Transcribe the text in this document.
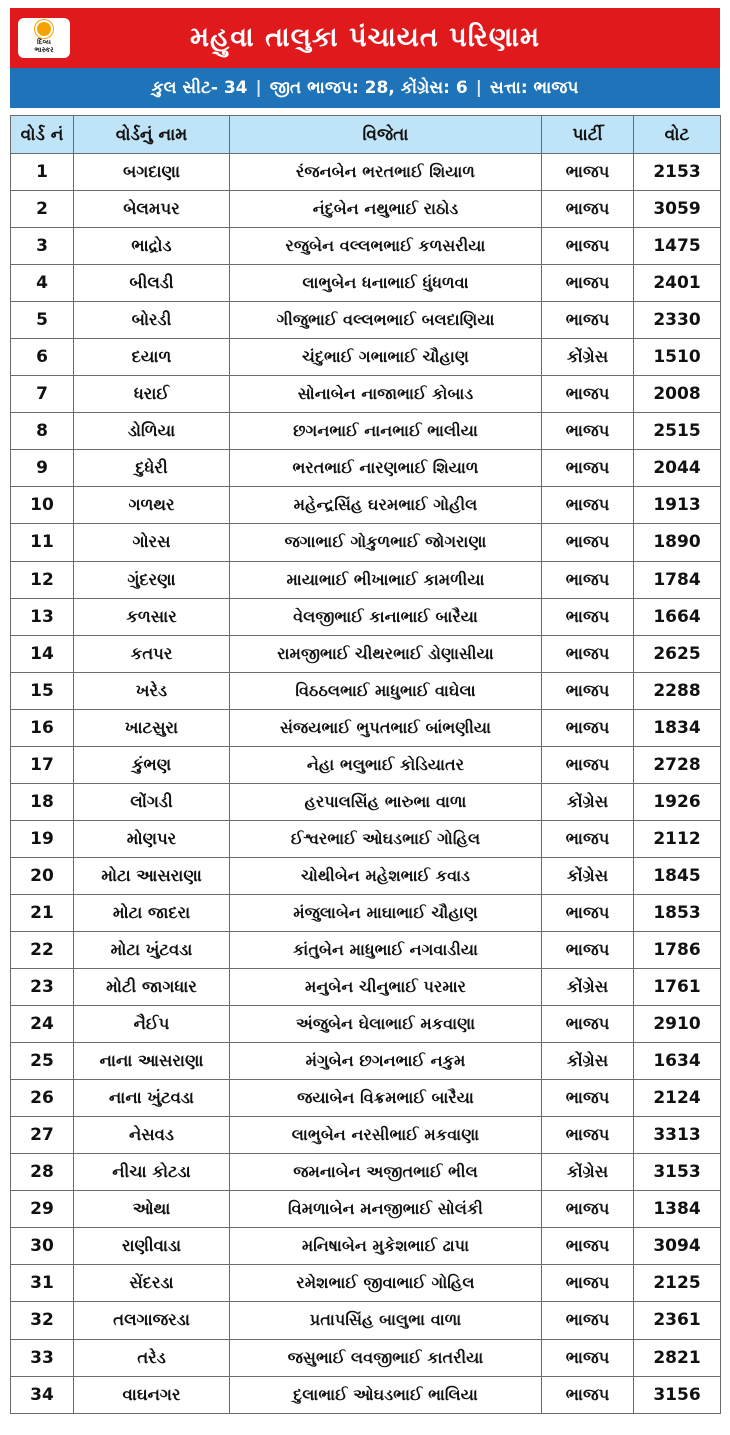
દિવ્ય
ભાસ્કર	મહુવા તાલુકા પંચાયત પરિણામ
કુલ સીટ- 34 | જીત ભાજપ: 28, કોંગ્રેસ: 6 | સત્તા: ભાજપ
વોર્ડ નં	વોર્ડનું નામ	વિજેતા	પાર્ટી	વોટ
1	બગદાણા	રંજનબેન ભરતભાઈ શિયાળ	ભાજપ	2153
2	બેલમપર	નંદુબેન નથુભાઈ રાઠોડ	ભાજપ	3059
3	ભાદ્રોડ	રજુબેન વલ્લભભાઈ કળસરીયા	ભાજપ	1475
4	બીલડી	લાભુબેન ધનાભાઈ ધુંધળવા	ભાજપ	2401
5	બોરડી	ગીજુભાઈ વલ્લભભાઈ બલદાણિયા	ભાજપ	2330
6	દયાળ	ચંદુભાઈ ગભાભાઈ ચૌહાણ	કોંગ્રેસ	1510
7	ધરાઈ	સોનાબેન નાજાભાઈ કોબાડ	ભાજપ	2008
8	ડોળિયા	છગનભાઈ નાનભાઈ ભાલીયા	ભાજપ	2515
9	દુધેરી	ભરતભાઈ નારણભાઈ શિયાળ	ભાજપ	2044
10	ગળથર	મહેન્દ્રસિંહ ઘરમભાઈ ગોહીલ	ભાજપ	1913
11	ગોરસ	જગાભાઈ ગોકુળભાઈ જોગરાણા	ભાજપ	1890
12	ગુંદરણા	માયાભાઈ ભીખાભાઈ કામળીયા	ભાજપ	1784
13	કળસાર	વેલજીભાઈ કાનાભાઈ બારૈયા	ભાજપ	1664
14	કતપર	રામજીભાઈ ચીથરભાઈ ડોણાસીયા	ભાજપ	2625
15	ખરેડ	વિઠઠલભાઈ માધુભાઈ વાઘેલા	ભાજપ	2288
16	ખાટસુરા	સંજયભાઈ ભુપતભાઈ બાંભણીયા	ભાજપ	1834
17	કુંભણ	નેહા ભલુભાઈ કોડિયાતર	ભાજપ	2728
18	લોંગડી	હરપાલસિંહ ભારુભા વાળા	કોંગ્રેસ	1926
19	મોણપર	ઈશ્વરભાઈ ઓઘડભાઈ ગોહિલ	ભાજપ	2112
20	મોટા આસરાણા	ચોથીબેન મહેશભાઈ કવાડ	કોંગ્રેસ	1845
21	મોટા જાદરા	મંજુલાબેન માઘાભાઈ ચૌહાણ	ભાજપ	1853
22	મોટા ખુંટવડા	કાંતુબેન માધુભાઈ નગવાડીયા	ભાજપ	1786
23	મોટી જાગધાર	મનુબેન ચીનુભાઈ પરમાર	કોંગ્રેસ	1761
24	નૈઈપ	અંજુબેન ઘેલાભાઈ મકવાણા	ભાજપ	2910
25	નાના આસરાણા	મંગુબેન છગનભાઈ નકુમ	કોંગ્રેસ	1634
26	નાના ખુંટવડા	જયાબેન વિક્રમભાઈ બારૈયા	ભાજપ	2124
27	નેસવડ	લાભુબેન નરસીભાઈ મકવાણા	ભાજપ	3313
28	નીચા કોટડા	જમનાબેન અજીતભાઈ ભીલ	કોંગ્રેસ	3153
29	ઓથા	વિમળાબેન મનજીભાઈ સોલંકી	ભાજપ	1384
30	રાણીવાડા	મનિષાબેન મુકેશભાઈ ઢાપા	ભાજપ	3094
31	સેંદરડા	રમેશભાઈ જીવાભાઈ ગોહિલ	ભાજપ	2125
32	તલગાજરડા	પ્રતાપસિંહ બાલુભા વાળા	ભાજપ	2361
33	તરેડ	જસુભાઈ લવજીભાઈ કાતરીયા	ભાજપ	2821
34	વાઘનગર	દુલાભાઈ ઓઘડભાઈ ભાલિયા	ભાજપ	3156
